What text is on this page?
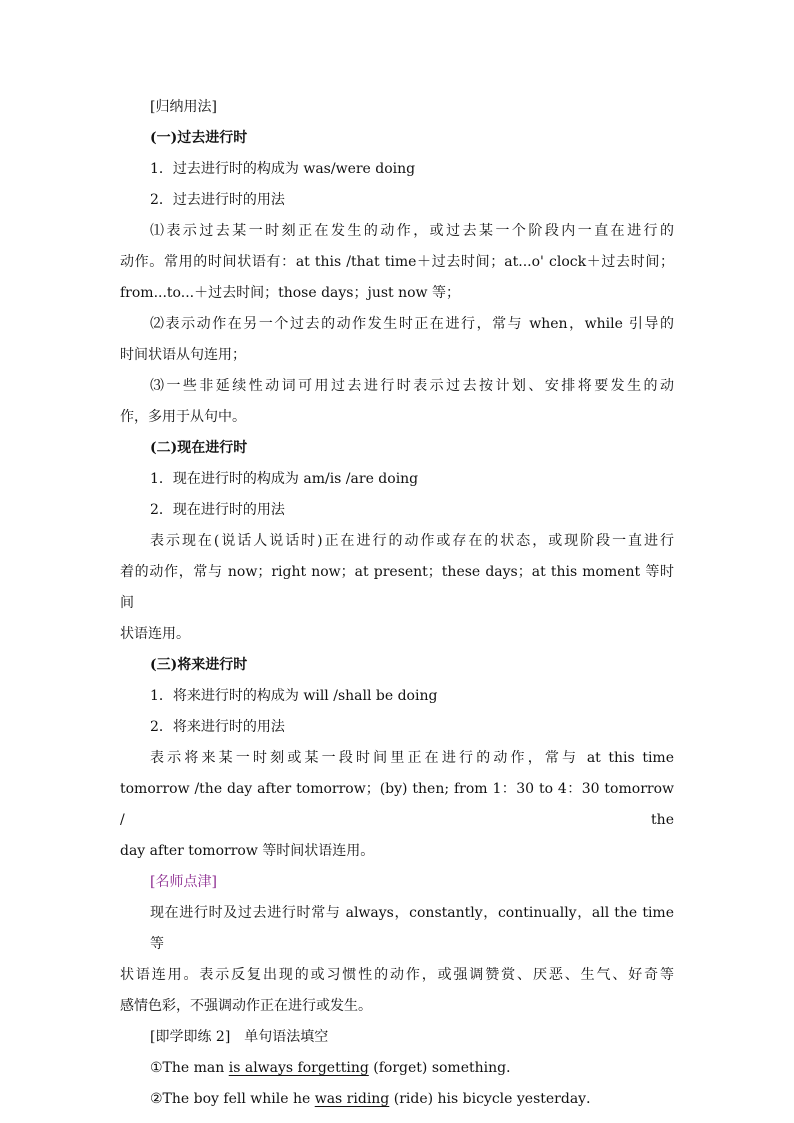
[归纳用法]
(一)过去进行时
1．过去进行时的构成为 was/were doing
2．过去进行时的用法
⑴表示过去某一时刻正在发生的动作，或过去某一个阶段内一直在进行的
动作。常用的时间状语有：at this /that time＋过去时间；at...o' clock＋过去时间；
from...to...＋过去时间；those days；just now 等；
⑵表示动作在另一个过去的动作发生时正在进行，常与 when，while 引导的
时间状语从句连用；
⑶一些非延续性动词可用过去进行时表示过去按计划、安排将要发生的动
作，多用于从句中。
(二)现在进行时
1．现在进行时的构成为 am/is /are doing
2．现在进行时的用法
表示现在(说话人说话时)正在进行的动作或存在的状态，或现阶段一直进行
着的动作，常与 now；right now；at present；these days；at this moment 等时间
状语连用。
(三)将来进行时
1．将来进行时的构成为 will /shall be doing
2．将来进行时的用法
表示将来某一时刻或某一段时间里正在进行的动作，常与 at this time
tomorrow /the day after tomorrow；(by) then; from 1：30 to 4：30 tomorrow / the
day after tomorrow 等时间状语连用。
[名师点津]
现在进行时及过去进行时常与 always，constantly，continually，all the time 等
状语连用。表示反复出现的或习惯性的动作，或强调赞赏、厌恶、生气、好奇等
感情色彩，不强调动作正在进行或发生。
[即学即练 2]　单句语法填空
①The man is always forgetting (forget) something．
②The boy fell while he was riding (ride) his bicycle yesterday．
